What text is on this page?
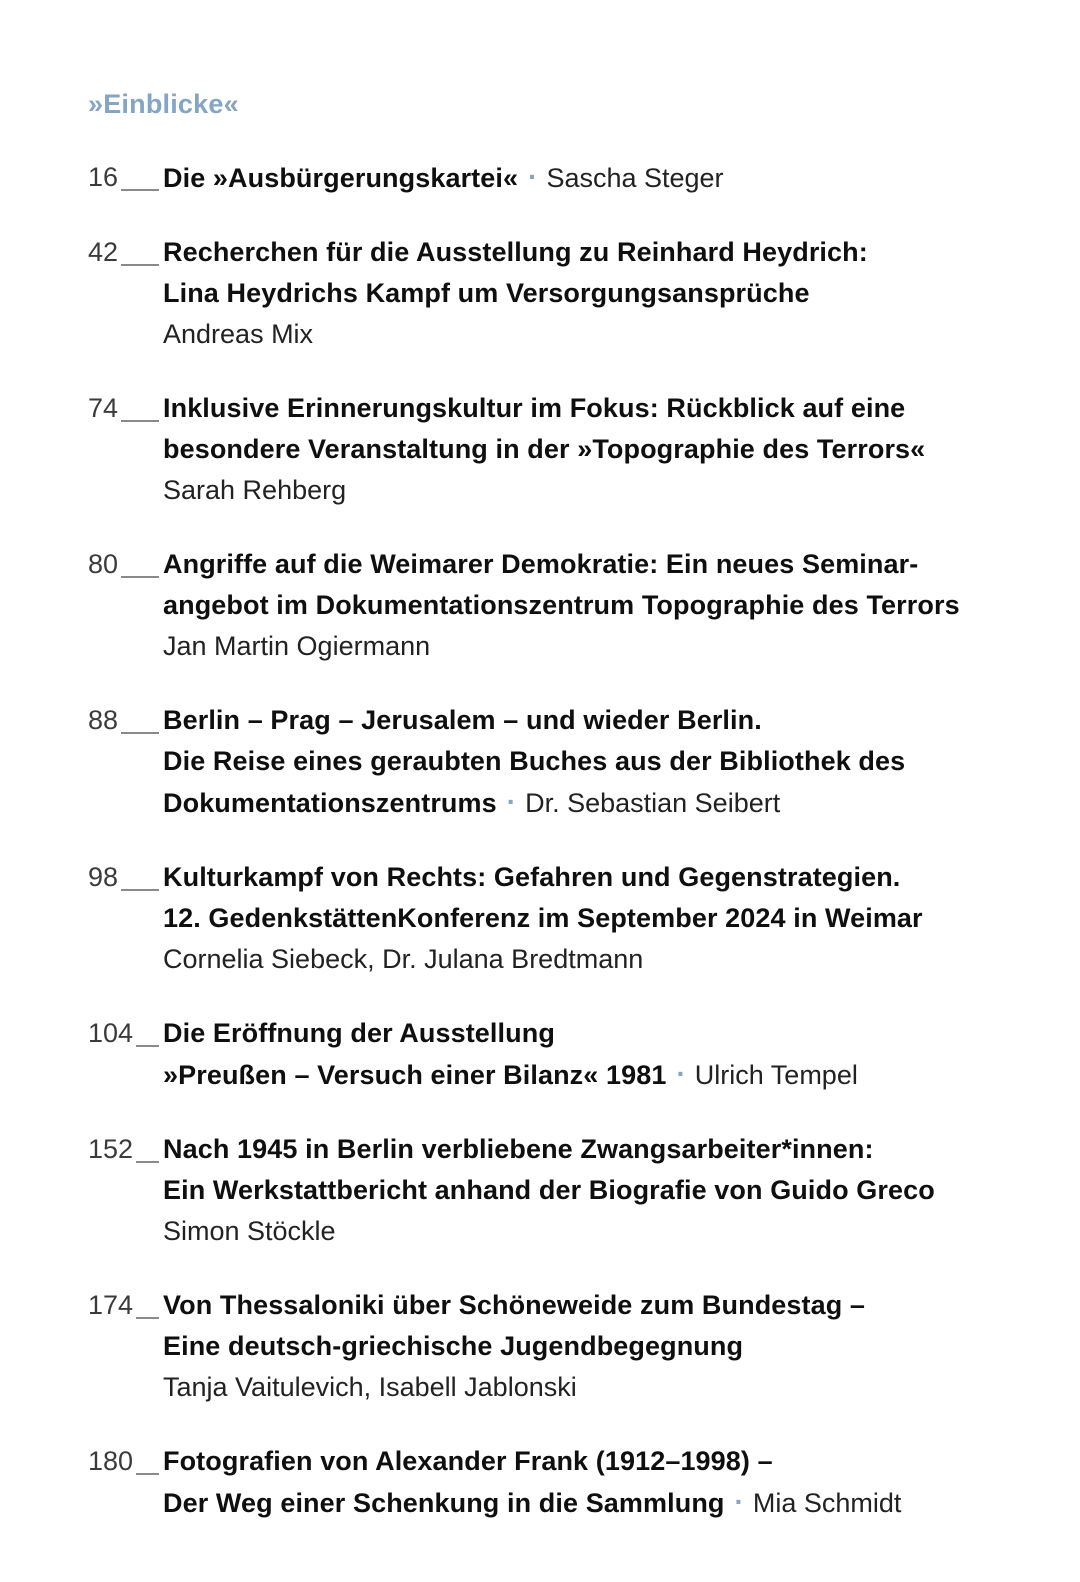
»Einblicke«
16 Die »Ausbürgerungskartei« · Sascha Steger
42 Recherchen für die Ausstellung zu Reinhard Heydrich:
Lina Heydrichs Kampf um Versorgungsansprüche
Andreas Mix
74 Inklusive Erinnerungskultur im Fokus: Rückblick auf eine
besondere Veranstaltung in der »Topographie des Terrors«
Sarah Rehberg
80 Angriffe auf die Weimarer Demokratie: Ein neues Seminar-
angebot im Dokumentationszentrum Topographie des Terrors
Jan Martin Ogiermann
88 Berlin – Prag – Jerusalem – und wieder Berlin.
Die Reise eines geraubten Buches aus der Bibliothek des
Dokumentationszentrums · Dr. Sebastian Seibert
98 Kulturkampf von Rechts: Gefahren und Gegenstrategien.
12. GedenkstättenKonferenz im September 2024 in Weimar
Cornelia Siebeck, Dr. Julana Bredtmann
104 Die Eröffnung der Ausstellung
»Preußen – Versuch einer Bilanz« 1981 · Ulrich Tempel
152 Nach 1945 in Berlin verbliebene Zwangsarbeiter*innen:
Ein Werkstattbericht anhand der Biografie von Guido Greco
Simon Stöckle
174 Von Thessaloniki über Schöneweide zum Bundestag –
Eine deutsch-griechische Jugendbegegnung
Tanja Vaitulevich, Isabell Jablonski
180 Fotografien von Alexander Frank (1912–1998) –
Der Weg einer Schenkung in die Sammlung · Mia Schmidt
